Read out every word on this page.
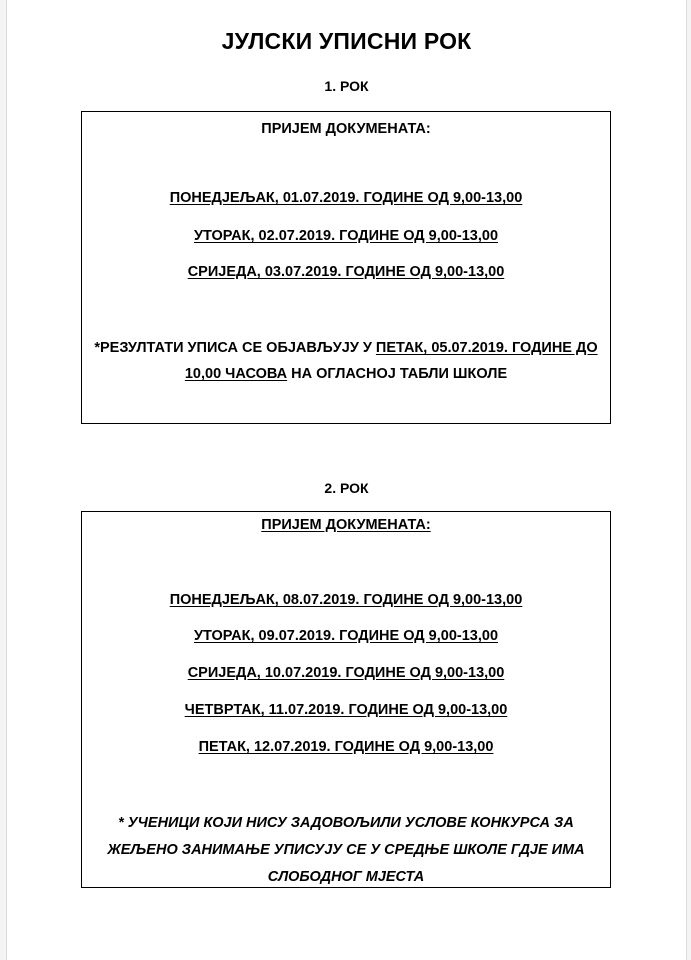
ЈУЛСКИ УПИСНИ РОК
1. РОК
ПРИЈЕМ ДОКУМЕНАТА:
ПОНЕДЈЕЉАК, 01.07.2019. ГОДИНЕ ОД 9,00-13,00
УТОРАК, 02.07.2019. ГОДИНЕ ОД 9,00-13,00
СРИЈЕДА, 03.07.2019. ГОДИНЕ ОД 9,00-13,00
*РЕЗУЛТАТИ УПИСА СЕ ОБЈАВЉУЈУ У ПЕТАК, 05.07.2019. ГОДИНЕ ДО 10,00 ЧАСОВА НА ОГЛАСНОЈ ТАБЛИ ШКОЛЕ
2. РОК
ПРИЈЕМ ДОКУМЕНАТА:
ПОНЕДЈЕЉАК, 08.07.2019. ГОДИНЕ ОД 9,00-13,00
УТОРАК, 09.07.2019. ГОДИНЕ ОД 9,00-13,00
СРИЈЕДА, 10.07.2019. ГОДИНЕ ОД 9,00-13,00
ЧЕТВРТАК, 11.07.2019. ГОДИНЕ ОД 9,00-13,00
ПЕТАК, 12.07.2019. ГОДИНЕ ОД 9,00-13,00
* УЧЕНИЦИ КОЈИ НИСУ ЗАДОВОЉИЛИ УСЛОВЕ КОНКУРСА ЗА ЖЕЉЕНО ЗАНИМАЊЕ УПИСУЈУ СЕ У СРЕДЊЕ ШКОЛЕ ГДЈЕ ИМА СЛОБОДНОГ МЈЕСТА
